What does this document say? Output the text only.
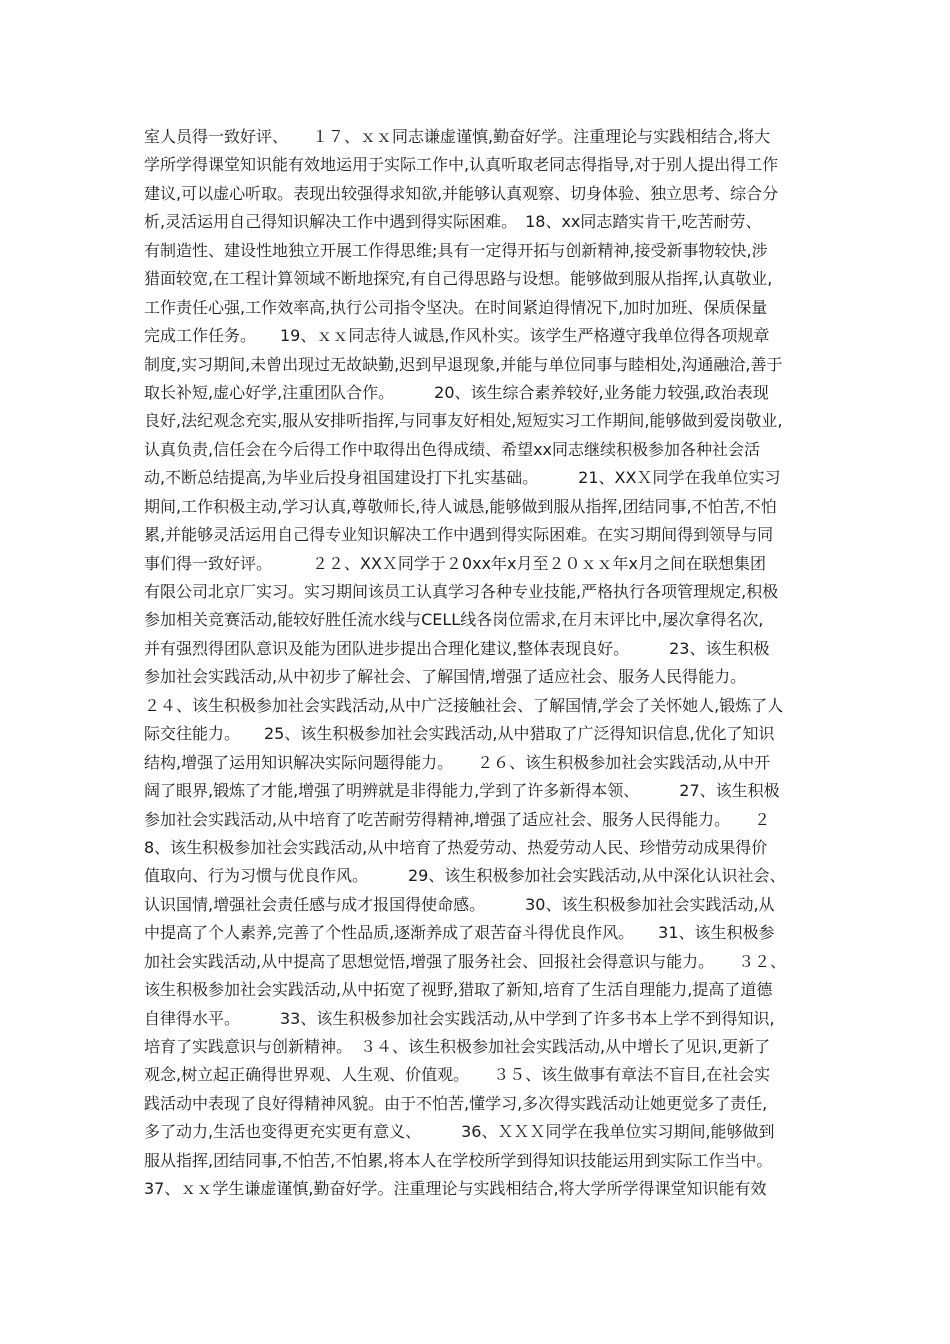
室人员得一致好评、　　１７、ｘｘ同志谦虚谨慎,勤奋好学。注重理论与实践相结合,将大
学所学得课堂知识能有效地运用于实际工作中,认真听取老同志得指导,对于别人提出得工作
建议,可以虚心听取。表现出较强得求知欲,并能够认真观察、切身体验、独立思考、综合分
析,灵活运用自己得知识解决工作中遇到得实际困难。　18、xx同志踏实肯干,吃苦耐劳、
有制造性、建设性地独立开展工作得思维;具有一定得开拓与创新精神,接受新事物较快,涉
猎面较宽,在工程计算领域不断地探究,有自己得思路与设想。能够做到服从指挥,认真敬业,
工作责任心强,工作效率高,执行公司指令坚决。在时间紧迫得情况下,加时加班、保质保量
完成工作任务。　　19、ｘｘ同志待人诚恳,作风朴实。该学生严格遵守我单位得各项规章
制度,实习期间,未曾出现过无故缺勤,迟到早退现象,并能与单位同事与睦相处,沟通融洽,善于
取长补短,虚心好学,注重团队合作。　　　20、该生综合素养较好,业务能力较强,政治表现
良好,法纪观念充实,服从安排听指挥,与同事友好相处,短短实习工作期间,能够做到爱岗敬业,
认真负责,信任会在今后得工作中取得出色得成绩、希望xx同志继续积极参加各种社会活
动,不断总结提高,为毕业后投身祖国建设打下扎实基础。　　　21、XXＸ同学在我单位实习
期间,工作积极主动,学习认真,尊敬师长,待人诚恳,能够做到服从指挥,团结同事,不怕苦,不怕
累,并能够灵活运用自己得专业知识解决工作中遇到得实际困难。在实习期间得到领导与同
事们得一致好评。　　　２２、XXＸ同学于２0xx年x月至２０ｘｘ年x月之间在联想集团
有限公司北京厂实习。实习期间该员工认真学习各种专业技能,严格执行各项管理规定,积极
参加相关竞赛活动,能较好胜任流水线与CELL线各岗位需求,在月末评比中,屡次拿得名次,
并有强烈得团队意识及能为团队进步提出合理化建议,整体表现良好。　　　23、该生积极
参加社会实践活动,从中初步了解社会、了解国情,增强了适应社会、服务人民得能力。
２４、该生积极参加社会实践活动,从中广泛接触社会、了解国情,学会了关怀她人,锻炼了人
际交往能力。　　25、该生积极参加社会实践活动,从中猎取了广泛得知识信息,优化了知识
结构,增强了运用知识解决实际问题得能力。　　２６、该生积极参加社会实践活动,从中开
阔了眼界,锻炼了才能,增强了明辨就是非得能力,学到了许多新得本领、　　　27、该生积极
参加社会实践活动,从中培育了吃苦耐劳得精神,增强了适应社会、服务人民得能力。　　２
8、该生积极参加社会实践活动,从中培育了热爱劳动、热爱劳动人民、珍惜劳动成果得价
值取向、行为习惯与优良作风。　　　29、该生积极参加社会实践活动,从中深化认识社会、
认识国情,增强社会责任感与成才报国得使命感。　　　30、该生积极参加社会实践活动,从
中提高了个人素养,完善了个性品质,逐渐养成了艰苦奋斗得优良作风。　　31、该生积极参
加社会实践活动,从中提高了思想觉悟,增强了服务社会、回报社会得意识与能力。　　３２、
该生积极参加社会实践活动,从中拓宽了视野,猎取了新知,培育了生活自理能力,提高了道德
自律得水平。　　　33、该生积极参加社会实践活动,从中学到了许多书本上学不到得知识,
培育了实践意识与创新精神。　３４、该生积极参加社会实践活动,从中增长了见识,更新了
观念,树立起正确得世界观、人生观、价值观。　　３５、该生做事有章法不盲目,在社会实
践活动中表现了良好得精神风貌。由于不怕苦,懂学习,多次得实践活动让她更觉多了责任,
多了动力,生活也变得更充实更有意义、　　　36、ＸＸＸ同学在我单位实习期间,能够做到
服从指挥,团结同事,不怕苦,不怕累,将本人在学校所学到得知识技能运用到实际工作当中。
37、ｘｘ学生谦虚谨慎,勤奋好学。注重理论与实践相结合,将大学所学得课堂知识能有效
